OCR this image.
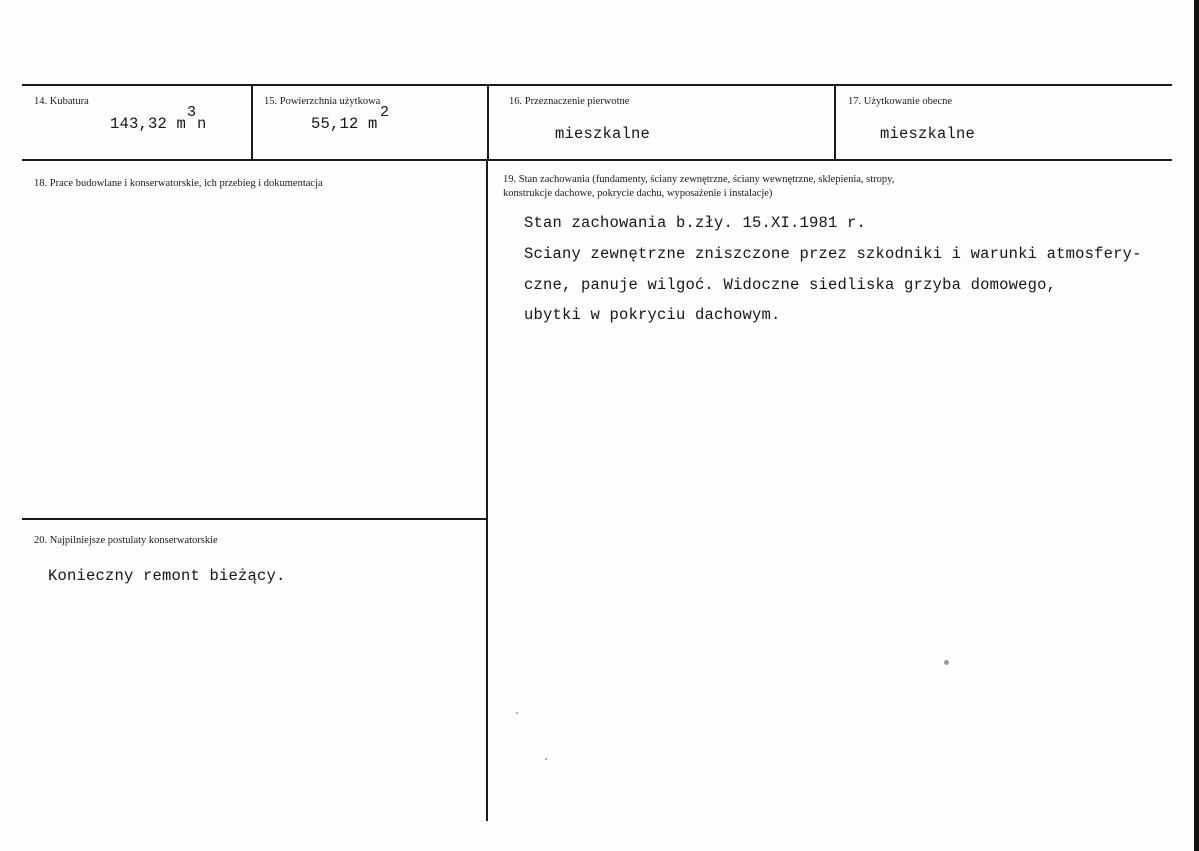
14. Kubatura
143,32 m
3
n
15. Powierzchnia użytkowa
55,12 m
2
16. Przeznaczenie pierwotne
mieszkalne
17. Użytkowanie obecne
mieszkalne
18. Prace budowlane i konserwatorskie, ich przebieg i dokumentacja	19. Stan zachowania (fundamenty, ściany zewnętrzne, ściany wewnętrzne, sklepienia, stropy,
konstrukcje dachowe, pokrycie dachu, wyposażenie i instalacje)
Stan zachowania b.zły. 15.XI.1981 r.
Sciany zewnętrzne zniszczone przez szkodniki i warunki atmosfery-
czne, panuje wilgoć. Widoczne siedliska grzyba domowego,
ubytki w pokryciu dachowym.
20. Najpilniejsze postulaty konserwatorskie
Konieczny remont bieżący.
